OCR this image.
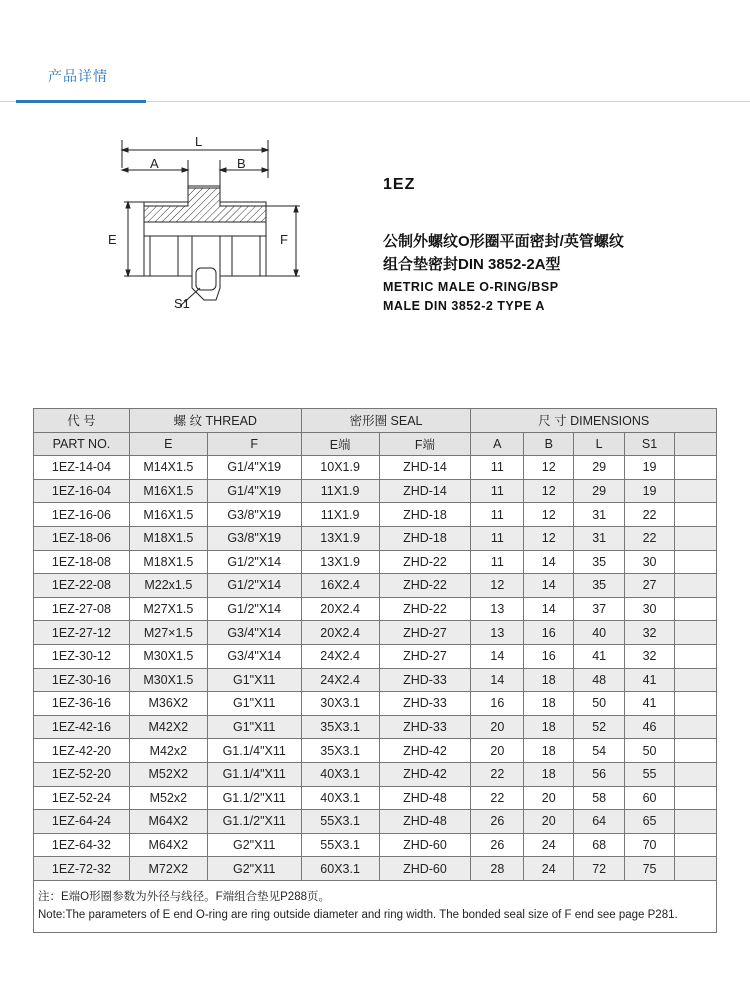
产品详情
L
A	B
E	F
S1
1EZ
公制外螺纹O形圈平面密封/英管螺纹
组合垫密封DIN 3852-2A型
METRIC MALE O-RING/BSP
MALE DIN 3852-2 TYPE A
代 号	螺 纹 THREAD		密形圈 SEAL		尺 寸 DIMENSIONS				
PART NO.	E	F	E端	F端	A	B	L	S1	
1EZ-14-04	M14X1.5	G1/4"X19	10X1.9	ZHD-14	11	12	29	19	
1EZ-16-04	M16X1.5	G1/4"X19	11X1.9	ZHD-14	11	12	29	19	
1EZ-16-06	M16X1.5	G3/8"X19	11X1.9	ZHD-18	11	12	31	22	
1EZ-18-06	M18X1.5	G3/8"X19	13X1.9	ZHD-18	11	12	31	22	
1EZ-18-08	M18X1.5	G1/2"X14	13X1.9	ZHD-22	11	14	35	30	
1EZ-22-08	M22x1.5	G1/2"X14	16X2.4	ZHD-22	12	14	35	27	
1EZ-27-08	M27X1.5	G1/2"X14	20X2.4	ZHD-22	13	14	37	30	
1EZ-27-12	M27×1.5	G3/4"X14	20X2.4	ZHD-27	13	16	40	32	
1EZ-30-12	M30X1.5	G3/4"X14	24X2.4	ZHD-27	14	16	41	32	
1EZ-30-16	M30X1.5	G1"X11	24X2.4	ZHD-33	14	18	48	41	
1EZ-36-16	M36X2	G1"X11	30X3.1	ZHD-33	16	18	50	41	
1EZ-42-16	M42X2	G1"X11	35X3.1	ZHD-33	20	18	52	46	
1EZ-42-20	M42x2	G1.1/4"X11	35X3.1	ZHD-42	20	18	54	50	
1EZ-52-20	M52X2	G1.1/4"X11	40X3.1	ZHD-42	22	18	56	55	
1EZ-52-24	M52x2	G1.1/2"X11	40X3.1	ZHD-48	22	20	58	60	
1EZ-64-24	M64X2	G1.1/2"X11	55X3.1	ZHD-48	26	20	64	65	
1EZ-64-32	M64X2	G2"X11	55X3.1	ZHD-60	26	24	68	70	
1EZ-72-32	M72X2	G2"X11	60X3.1	ZHD-60	28	24	72	75	

注：E端O形圈参数为外径与线径。F端组合垫见P288页。
Note:The parameters of E end O-ring are ring outside diameter and ring width. The bonded seal size of F end see page P281.									
